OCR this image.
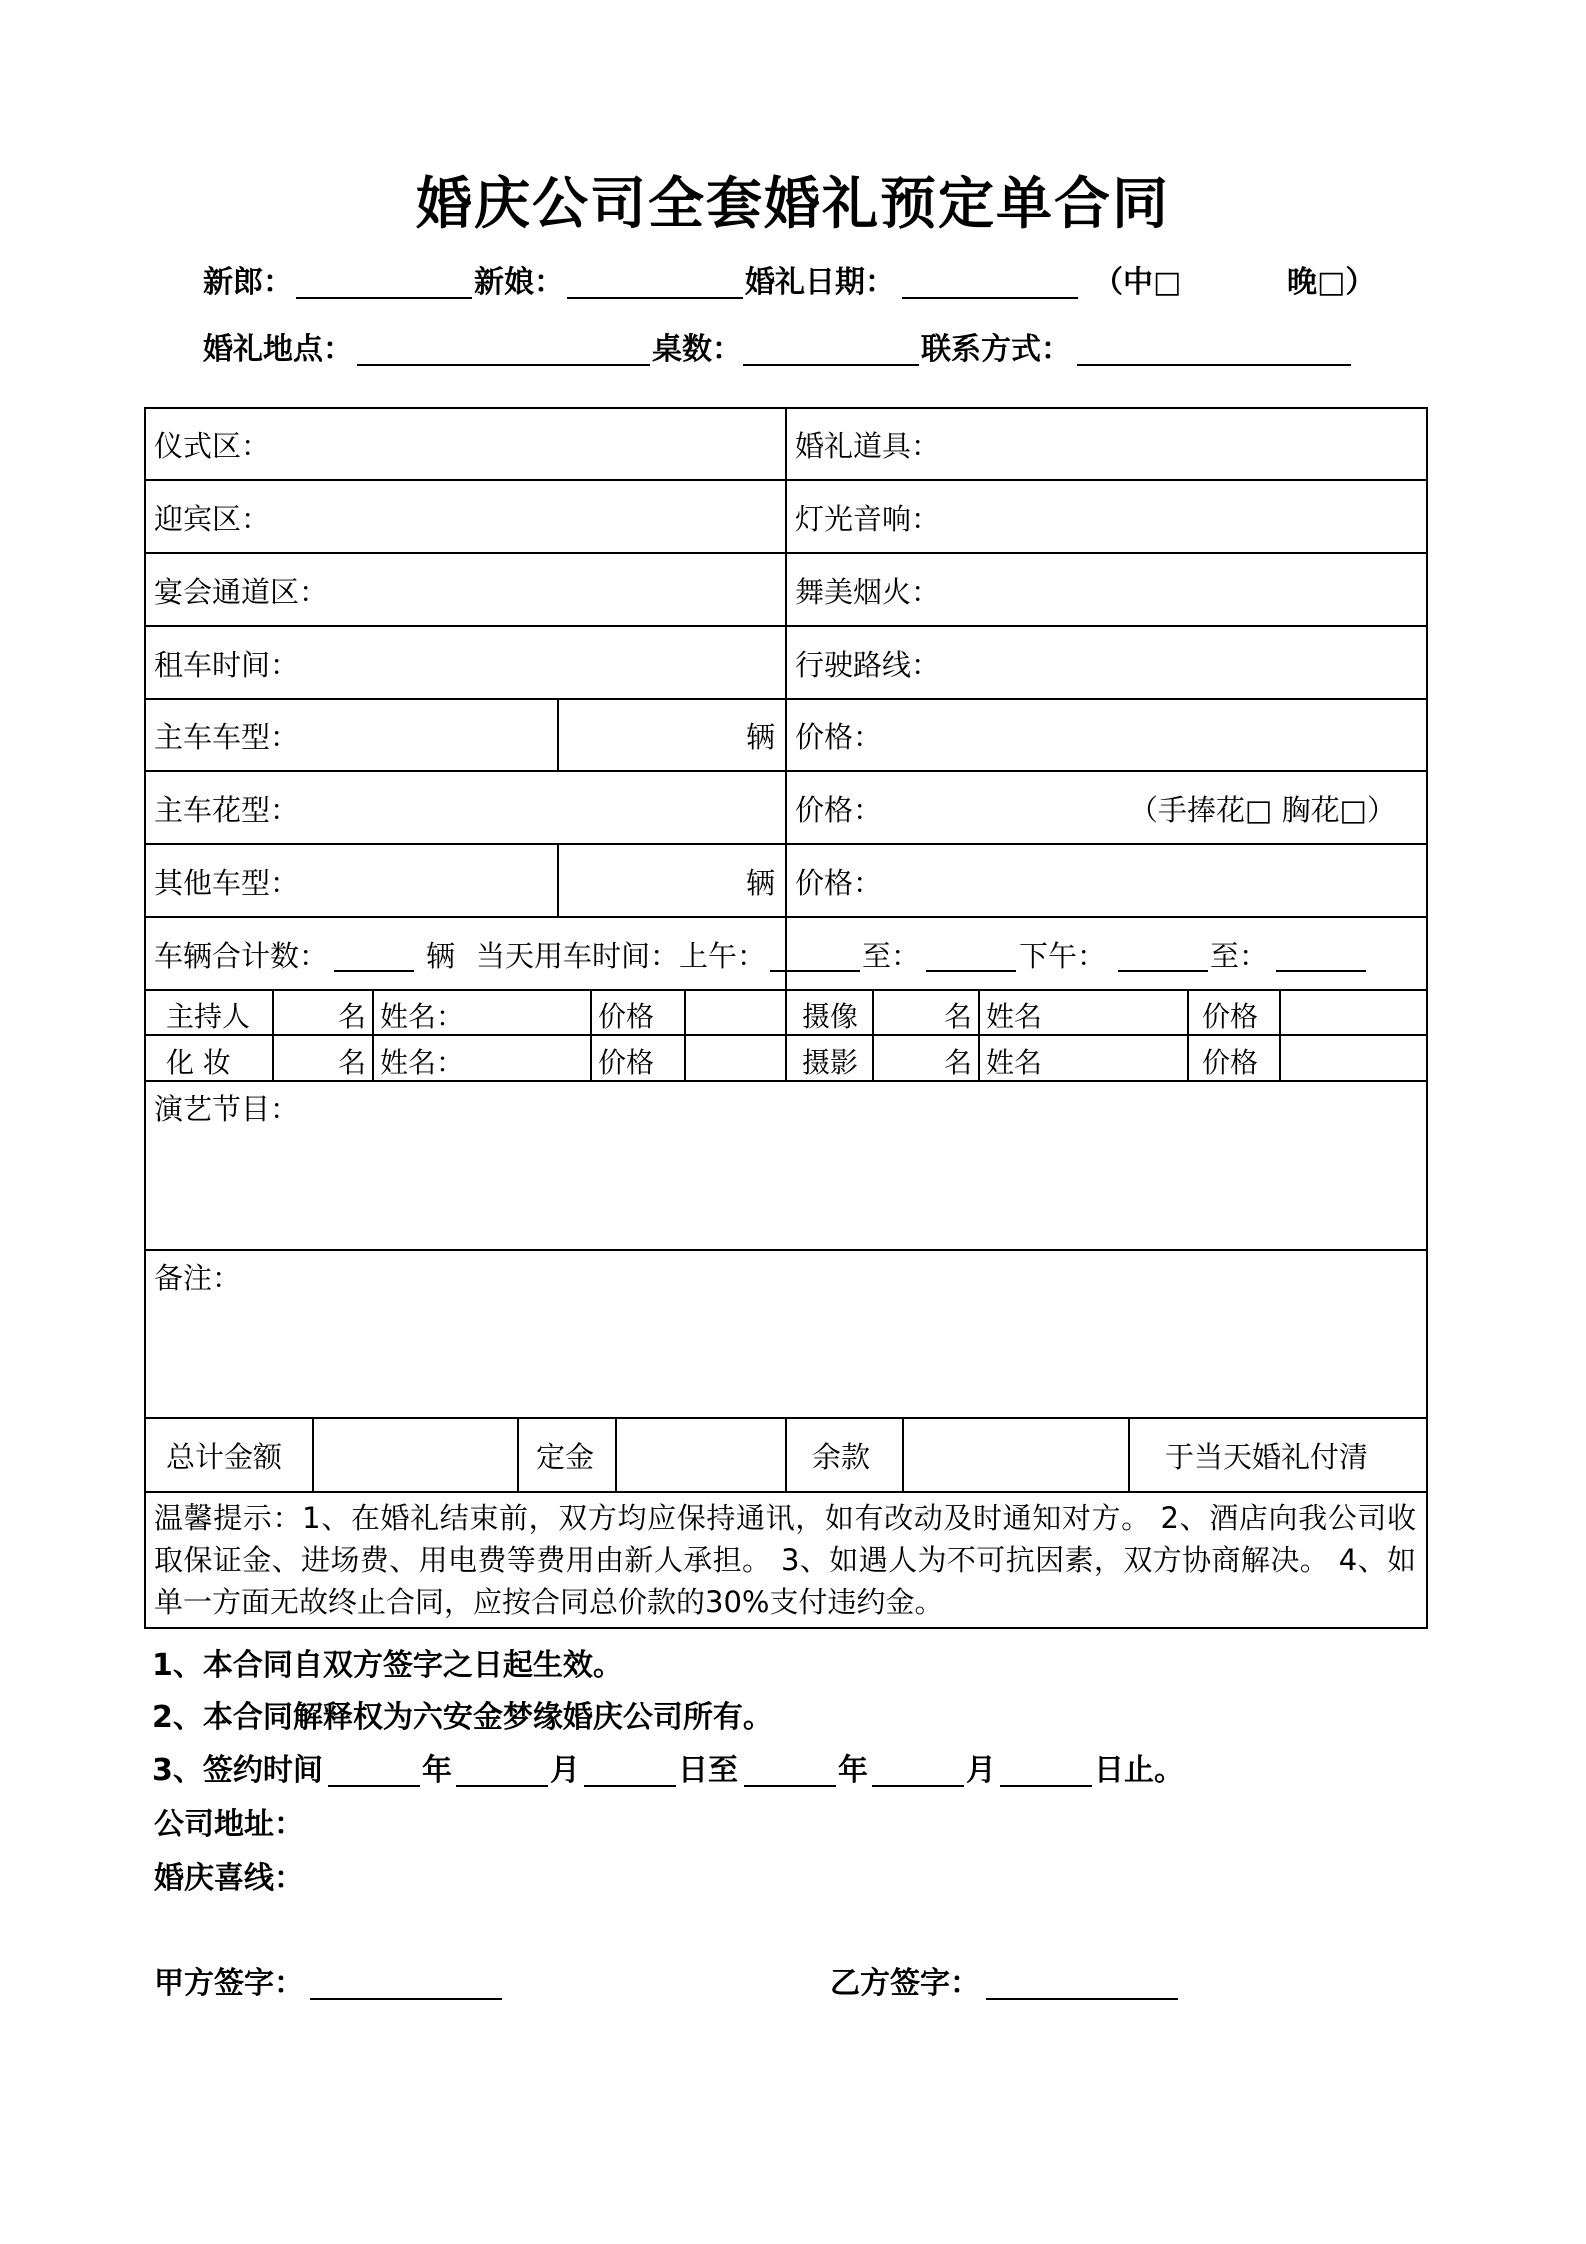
婚庆公司全套婚礼预定单合同
新郎：	新娘：	婚礼日期：	（中□	晚□）
婚礼地点：	桌数：	联系方式：
仪式区：	婚礼道具：
迎宾区：	灯光音响：
宴会通道区：	舞美烟火：
租车时间：	行驶路线：
主车车型：	辆 价格：
主车花型：	价格：	（手捧花□ 胸花□）
其他车型：	辆 价格：
车辆合计数：	辆 当天用车时间：上午：	至：	下午：	至：
主持人	名 姓名：	价格	摄像	名 姓名	价格
化 妆	名 姓名：	价格	摄影	名 姓名	价格
演艺节目：
备注：
总计金额	定金	余款	于当天婚礼付清
温馨提示：1、在婚礼结束前，双方均应保持通讯，如有改动及时通知对方。 2、酒店向我公司收取保证金、进场费、用电费等费用由新人承担。 3、如遇人为不可抗因素，双方协商解决。 4、如单一方面无故终止合同，应按合同总价款的30%支付违约金。
1、本合同自双方签字之日起生效。
2、本合同解释权为六安金梦缘婚庆公司所有。
3、签约时间	年	月	日至	年	月	日止。
公司地址：
婚庆喜线：
甲方签字：	乙方签字：
